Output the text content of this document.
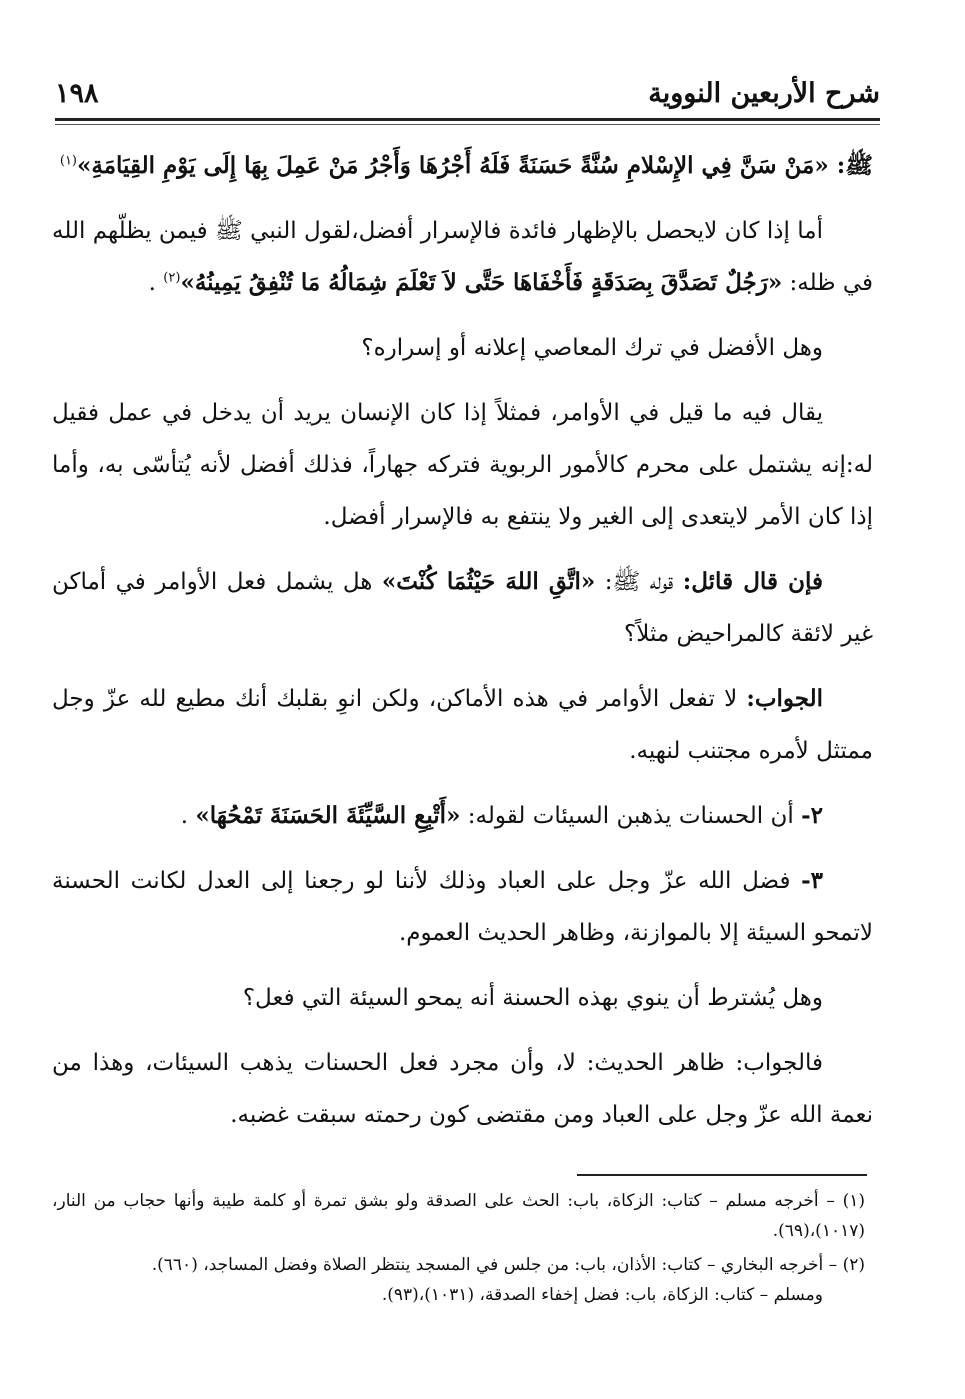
شرح الأربعين النووية
١٩٨

ﷺ: «مَنْ سَنَّ فِي الإِسْلامِ سُنَّةً حَسَنَةً فَلَهُ أَجْرُهَا وَأَجْرُ مَنْ عَمِلَ بِهَا إِلَى يَوْمِ القِيَامَةِ»$^{(١)}$

أما إذا كان لايحصل بالإظهار فائدة فالإسرار أفضل،لقول النبي ﷺ فيمن يظلّهم الله في ظله: «رَجُلٌ تَصَدَّقَ بِصَدَقَةٍ فَأَخْفَاهَا حَتَّى لاَ تَعْلَمَ شِمَالُهُ مَا تُنْفِقُ يَمِينُهُ»$^{(٢)}$ .

وهل الأفضل في ترك المعاصي إعلانه أو إسراره؟

يقال فيه ما قيل في الأوامر، فمثلاً إذا كان الإنسان يريد أن يدخل في عمل فقيل له:إنه يشتمل على محرم كالأمور الربوية فتركه جهاراً، فذلك أفضل لأنه يُتأسّى به، وأما إذا كان الأمر لايتعدى إلى الغير ولا ينتفع به فالإسرار أفضل.

فإن قال قائل: قوله ﷺ: «اتَّقِ اللهَ حَيْثُمَا كُنْتَ» هل يشمل فعل الأوامر في أماكن غير لائقة كالمراحيض مثلاً؟

الجواب: لا تفعل الأوامر في هذه الأماكن، ولكن انوِ بقلبك أنك مطيع لله عزّ وجل ممتثل لأمره مجتنب لنهيه.

٢- أن الحسنات يذهبن السيئات لقوله: «أَتْبِعِ السَّيِّئَةَ الحَسَنَةَ تَمْحُهَا» .

٣- فضل الله عزّ وجل على العباد وذلك لأننا لو رجعنا إلى العدل لكانت الحسنة لاتمحو السيئة إلا بالموازنة، وظاهر الحديث العموم.

وهل يُشترط أن ينوي بهذه الحسنة أنه يمحو السيئة التي فعل؟

فالجواب: ظاهر الحديث: لا، وأن مجرد فعل الحسنات يذهب السيئات، وهذا من نعمة الله عزّ وجل على العباد ومن مقتضى كون رحمته سبقت غضبه.

(١) – أخرجه مسلم – كتاب: الزكاة، باب: الحث على الصدقة ولو بشق تمرة أو كلمة طيبة وأنها حجاب من النار، (١٠١٧)،(٦٩).

(٢) – أخرجه البخاري – كتاب: الأذان، باب: من جلس في المسجد ينتظر الصلاة وفضل المساجد، (٦٦٠).
ومسلم – كتاب: الزكاة، باب: فضل إخفاء الصدقة، (١٠٣١)،(٩٣).
